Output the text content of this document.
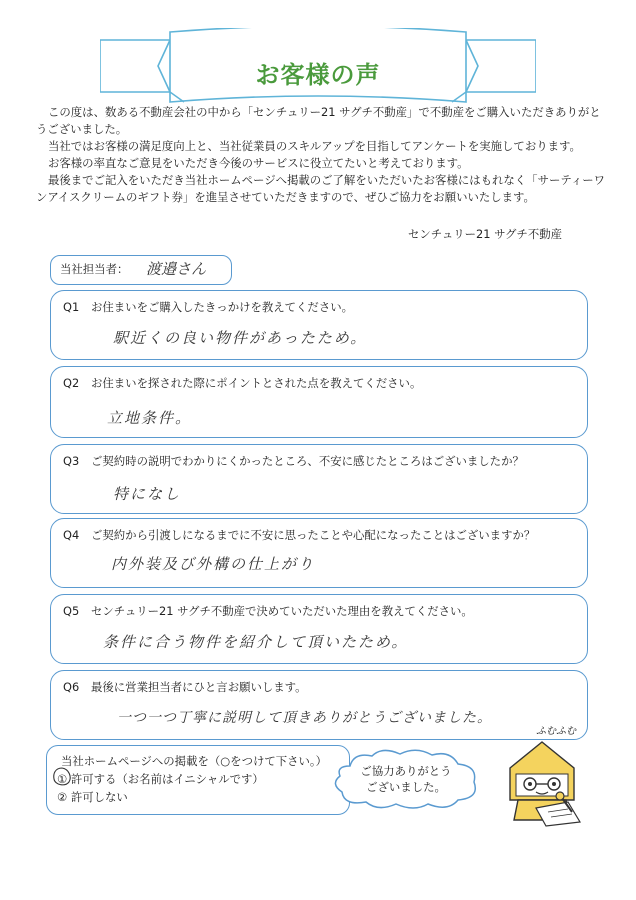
お客様の声
この度は、数ある不動産会社の中から「センチュリー21 サグチ不動産」で不動産をご購入いただきありがと
うございました。
当社ではお客様の満足度向上と、当社従業員のスキルアップを目指してアンケートを実施しております。
お客様の率直なご意見をいただき今後のサービスに役立てたいと考えております。
最後までご記入をいただき当社ホームページへ掲載のご了解をいただいたお客様にはもれなく「サーティーワ
ンアイスクリームのギフト券」を進呈させていただきますので、ぜひご協力をお願いいたします。
センチュリー21 サグチ不動産
当社担当者： 渡邉さん
Q1 お住まいをご購入したきっかけを教えてください。
駅近くの良い物件があったため。
Q2 お住まいを探された際にポイントとされた点を教えてください。
立地条件。
Q3 ご契約時の説明でわかりにくかったところ、不安に感じたところはございましたか？
特になし
Q4 ご契約から引渡しになるまでに不安に思ったことや心配になったことはございますか？
内外装及び外構の仕上がり
Q5 センチュリー21 サグチ不動産で決めていただいた理由を教えてください。
条件に合う物件を紹介して頂いたため。
Q6 最後に営業担当者にひと言お願いします。
一つ一つ丁寧に説明して頂きありがとうございました。
当社ホームページへの掲載を（○をつけて下さい。）
① 許可する（お名前はイニシャルです）
② 許可しない
ご協力ありがとう
ございました。
ふむふむ
